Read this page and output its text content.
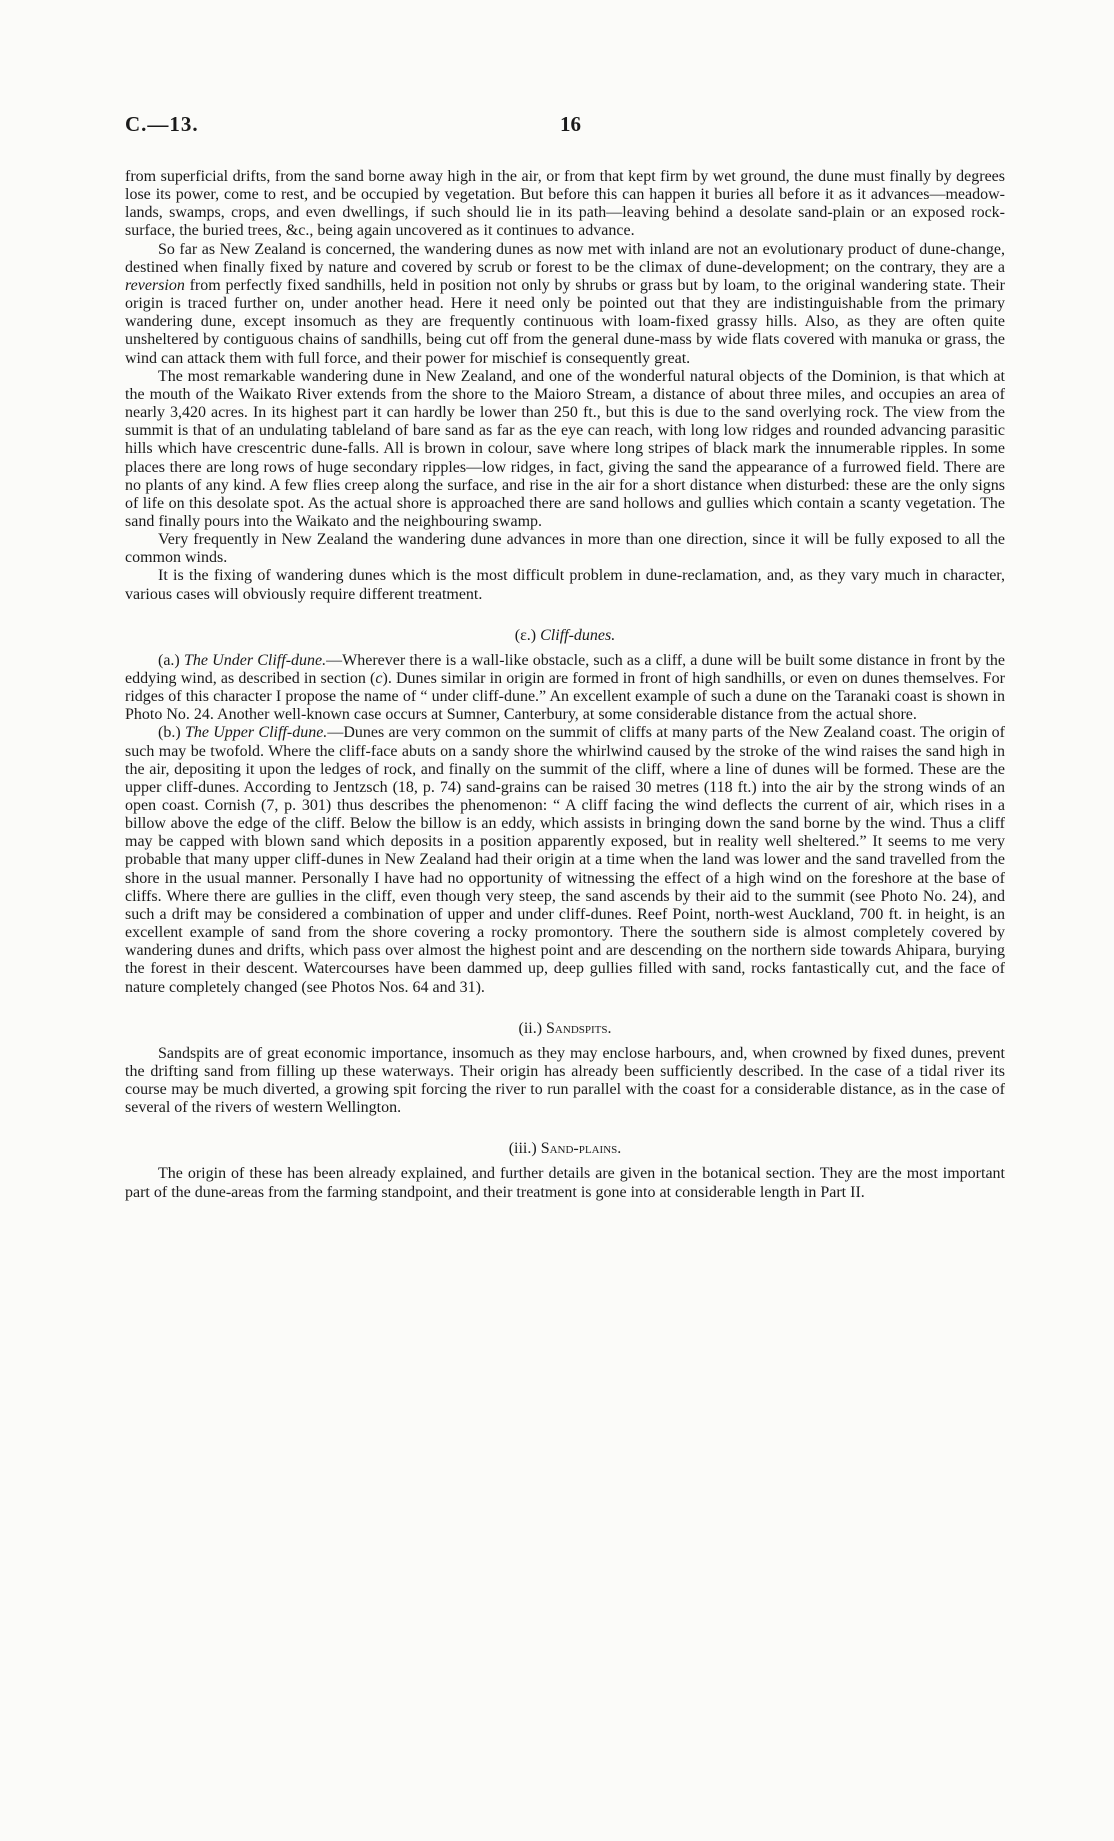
C.—13.	16

from superficial drifts, from the sand borne away high in the air, or from that kept firm by wet ground, the dune must finally by degrees lose its power, come to rest, and be occupied by vegetation. But before this can happen it buries all before it as it advances—meadow-lands, swamps, crops, and even dwellings, if such should lie in its path—leaving behind a desolate sand-plain or an exposed rock-surface, the buried trees, &c., being again uncovered as it continues to advance.

So far as New Zealand is concerned, the wandering dunes as now met with inland are not an evolutionary product of dune-change, destined when finally fixed by nature and covered by scrub or forest to be the climax of dune-development; on the contrary, they are a reversion from perfectly fixed sandhills, held in position not only by shrubs or grass but by loam, to the original wandering state. Their origin is traced further on, under another head. Here it need only be pointed out that they are indistinguishable from the primary wandering dune, except insomuch as they are frequently continuous with loam-fixed grassy hills. Also, as they are often quite unsheltered by contiguous chains of sandhills, being cut off from the general dune-mass by wide flats covered with manuka or grass, the wind can attack them with full force, and their power for mischief is consequently great.

The most remarkable wandering dune in New Zealand, and one of the wonderful natural objects of the Dominion, is that which at the mouth of the Waikato River extends from the shore to the Maioro Stream, a distance of about three miles, and occupies an area of nearly 3,420 acres. In its highest part it can hardly be lower than 250 ft., but this is due to the sand overlying rock. The view from the summit is that of an undulating tableland of bare sand as far as the eye can reach, with long low ridges and rounded advancing parasitic hills which have crescentric dune-falls. All is brown in colour, save where long stripes of black mark the innumerable ripples. In some places there are long rows of huge secondary ripples—low ridges, in fact, giving the sand the appearance of a furrowed field. There are no plants of any kind. A few flies creep along the surface, and rise in the air for a short distance when disturbed: these are the only signs of life on this desolate spot. As the actual shore is approached there are sand hollows and gullies which contain a scanty vegetation. The sand finally pours into the Waikato and the neighbouring swamp.

Very frequently in New Zealand the wandering dune advances in more than one direction, since it will be fully exposed to all the common winds.

It is the fixing of wandering dunes which is the most difficult problem in dune-reclamation, and, as they vary much in character, various cases will obviously require different treatment.

(ε.) Cliff-dunes.

(a.) The Under Cliff-dune.—Wherever there is a wall-like obstacle, such as a cliff, a dune will be built some distance in front by the eddying wind, as described in section (c). Dunes similar in origin are formed in front of high sandhills, or even on dunes themselves. For ridges of this character I propose the name of “ under cliff-dune.” An excellent example of such a dune on the Taranaki coast is shown in Photo No. 24. Another well-known case occurs at Sumner, Canterbury, at some considerable distance from the actual shore.

(b.) The Upper Cliff-dune.—Dunes are very common on the summit of cliffs at many parts of the New Zealand coast. The origin of such may be twofold. Where the cliff-face abuts on a sandy shore the whirlwind caused by the stroke of the wind raises the sand high in the air, depositing it upon the ledges of rock, and finally on the summit of the cliff, where a line of dunes will be formed. These are the upper cliff-dunes. According to Jentzsch (18, p. 74) sand-grains can be raised 30 metres (118 ft.) into the air by the strong winds of an open coast. Cornish (7, p. 301) thus describes the phenomenon: “ A cliff facing the wind deflects the current of air, which rises in a billow above the edge of the cliff. Below the billow is an eddy, which assists in bringing down the sand borne by the wind. Thus a cliff may be capped with blown sand which deposits in a position apparently exposed, but in reality well sheltered.” It seems to me very probable that many upper cliff-dunes in New Zealand had their origin at a time when the land was lower and the sand travelled from the shore in the usual manner. Personally I have had no opportunity of witnessing the effect of a high wind on the foreshore at the base of cliffs. Where there are gullies in the cliff, even though very steep, the sand ascends by their aid to the summit (see Photo No. 24), and such a drift may be considered a combination of upper and under cliff-dunes. Reef Point, north-west Auckland, 700 ft. in height, is an excellent example of sand from the shore covering a rocky promontory. There the southern side is almost completely covered by wandering dunes and drifts, which pass over almost the highest point and are descending on the northern side towards Ahipara, burying the forest in their descent. Watercourses have been dammed up, deep gullies filled with sand, rocks fantastically cut, and the face of nature completely changed (see Photos Nos. 64 and 31).

(ii.) Sandspits.

Sandspits are of great economic importance, insomuch as they may enclose harbours, and, when crowned by fixed dunes, prevent the drifting sand from filling up these waterways. Their origin has already been sufficiently described. In the case of a tidal river its course may be much diverted, a growing spit forcing the river to run parallel with the coast for a considerable distance, as in the case of several of the rivers of western Wellington.

(iii.) Sand-plains.

The origin of these has been already explained, and further details are given in the botanical section. They are the most important part of the dune-areas from the farming standpoint, and their treatment is gone into at considerable length in Part II.
